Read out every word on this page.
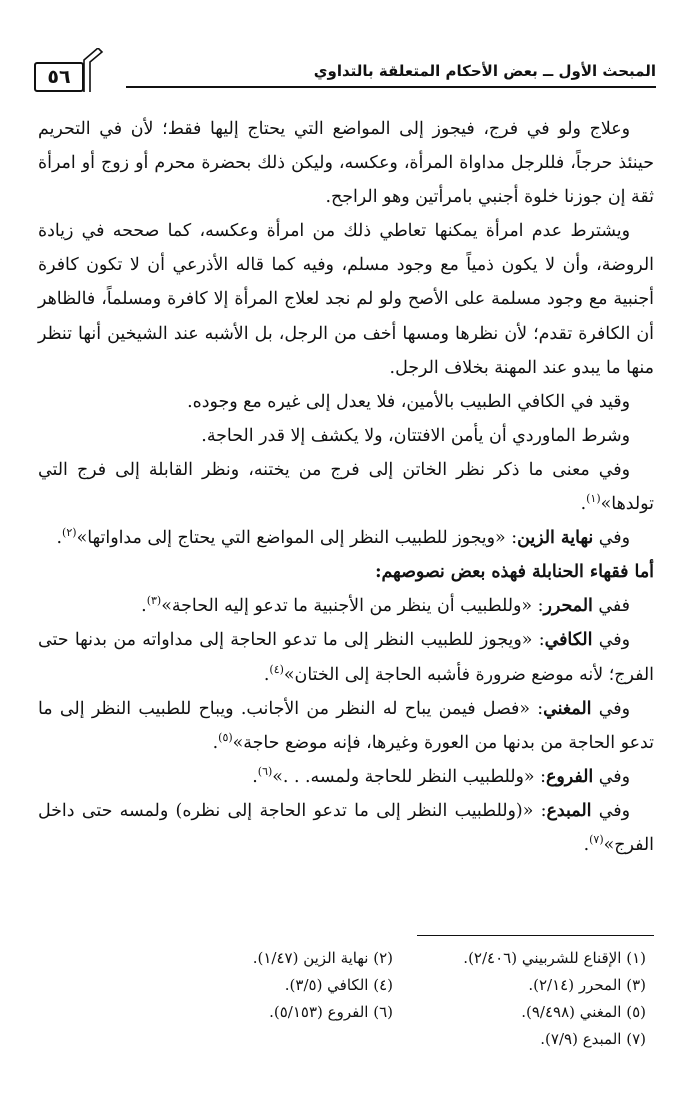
٥٦	المبحث الأول ــ بعض الأحكام المتعلقة بالتداوي

وعلاج ولو في فرج، فيجوز إلى المواضع التي يحتاج إليها فقط؛ لأن في التحريم حينئذ حرجاً، فللرجل مداواة المرأة، وعكسه، وليكن ذلك بحضرة محرم أو زوج أو امرأة ثقة إن جوزنا خلوة أجنبي بامرأتين وهو الراجح.

ويشترط عدم امرأة يمكنها تعاطي ذلك من امرأة وعكسه، كما صححه في زيادة الروضة، وأن لا يكون ذمياً مع وجود مسلم، وفيه كما قاله الأذرعي أن لا تكون كافرة أجنبية مع وجود مسلمة على الأصح ولو لم نجد لعلاج المرأة إلا كافرة ومسلماً، فالظاهر أن الكافرة تقدم؛ لأن نظرها ومسها أخف من الرجل، بل الأشبه عند الشيخين أنها تنظر منها ما يبدو عند المهنة بخلاف الرجل.

وقيد في الكافي الطبيب بالأمين، فلا يعدل إلى غيره مع وجوده.

وشرط الماوردي أن يأمن الافتتان، ولا يكشف إلا قدر الحاجة.

وفي معنى ما ذكر نظر الخاتن إلى فرج من يختنه، ونظر القابلة إلى فرج التي تولدها»$^{(١)}$.

وفي نهاية الزين: «ويجوز للطبيب النظر إلى المواضع التي يحتاج إلى مداواتها»$^{(٢)}$.

أما فقهاء الحنابلة فهذه بعض نصوصهم:

ففي المحرر: «وللطبيب أن ينظر من الأجنبية ما تدعو إليه الحاجة»$^{(٣)}$.

وفي الكافي: «ويجوز للطبيب النظر إلى ما تدعو الحاجة إلى مداواته من بدنها حتى الفرج؛ لأنه موضع ضرورة فأشبه الحاجة إلى الختان»$^{(٤)}$.

وفي المغني: «فصل فيمن يباح له النظر من الأجانب. ويباح للطبيب النظر إلى ما تدعو الحاجة من بدنها من العورة وغيرها، فإنه موضع حاجة»$^{(٥)}$.

وفي الفروع: «وللطبيب النظر للحاجة ولمسه. . .»$^{(٦)}$.

وفي المبدع: «(وللطبيب النظر إلى ما تدعو الحاجة إلى نظره) ولمسه حتى داخل الفرج»$^{(٧)}$.

(١) الإقناع للشربيني (٢/٤٠٦).
(٢) نهاية الزين (١/٤٧).
(٣) المحرر (٢/١٤).
(٤) الكافي (٣/٥).
(٥) المغني (٩/٤٩٨).
(٦) الفروع (٥/١٥٣).
(٧) المبدع (٧/٩).
